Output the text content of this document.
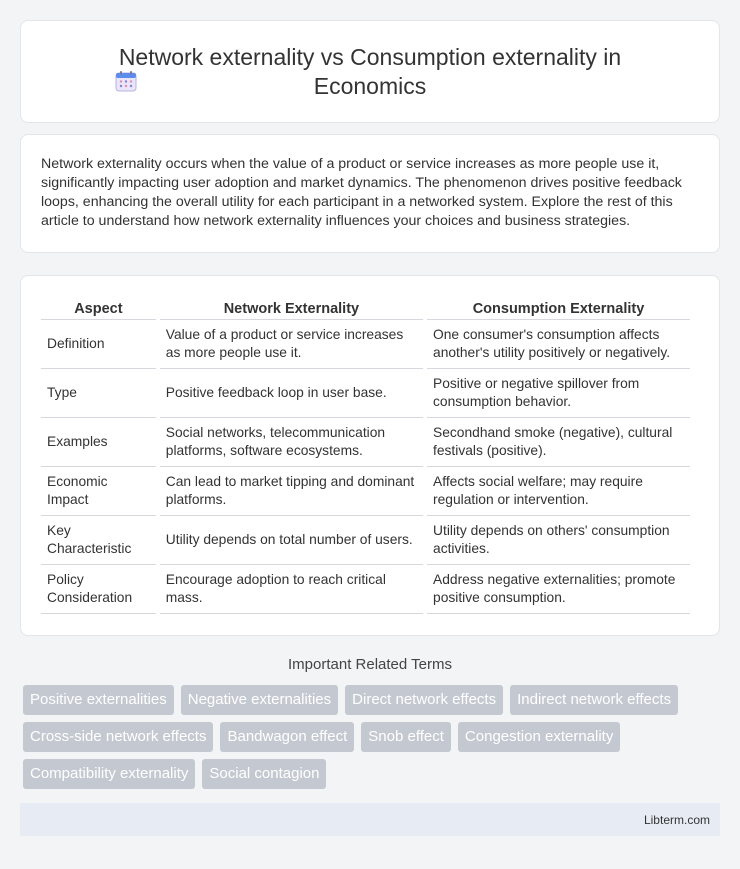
Network externality vs Consumption externality in Economics

Network externality occurs when the value of a product or service increases as more people use it, significantly impacting user adoption and market dynamics. The phenomenon drives positive feedback loops, enhancing the overall utility for each participant in a networked system. Explore the rest of this article to understand how network externality influences your choices and business strategies.

Aspect	Network Externality	Consumption Externality
Definition	Value of a product or service increases as more people use it.	One consumer's consumption affects another's utility positively or negatively.
Type	Positive feedback loop in user base.	Positive or negative spillover from consumption behavior.
Examples	Social networks, telecommunication platforms, software ecosystems.	Secondhand smoke (negative), cultural festivals (positive).
Economic Impact	Can lead to market tipping and dominant platforms.	Affects social welfare; may require regulation or intervention.
Key Characteristic	Utility depends on total number of users.	Utility depends on others' consumption activities.
Policy Consideration	Encourage adoption to reach critical mass.	Address negative externalities; promote positive consumption.
Important Related Terms
Positive externalities	Negative externalities	Direct network effects	Indirect network effects
Cross-side network effects	Bandwagon effect	Snob effect	Congestion externality
Compatibility externality	Social contagion
Libterm.com
